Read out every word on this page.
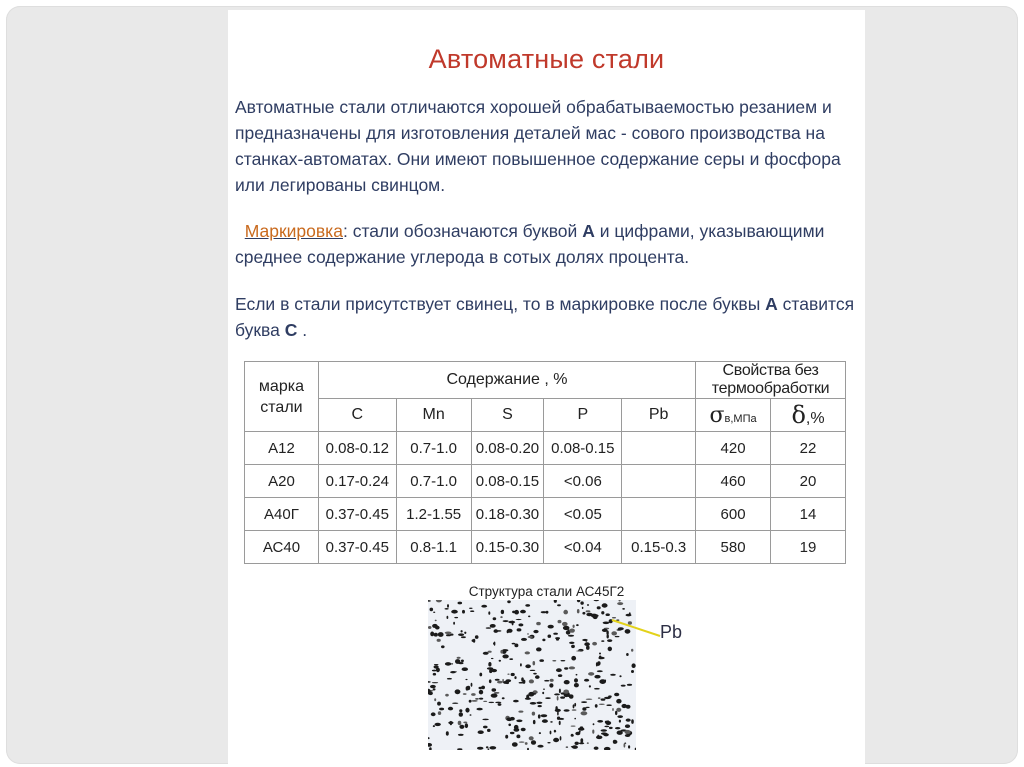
Автоматные стали

Автоматные стали отличаются хорошей обрабатываемостью резанием и предназначены для изготовления деталей мас - сового производства на станках-автоматах. Они имеют повышенное содержание серы и фосфора или легированы свинцом.

Маркировка: стали обозначаются буквой А и цифрами, указывающими среднее содержание углерода в сотых долях процента.

Если в стали присутствует свинец, то в маркировке после буквы А ставится буква С .

марка стали	Содержание , %					Свойства без термообработки	
	C	Mn	S	P	Pb	σв,МПа	δ,%
А12	0.08-0.12	0.7-1.0	0.08-0.20	0.08-0.15		420	22
А20	0.17-0.24	0.7-1.0	0.08-0.15	<0.06		460	20
А40Г	0.37-0.45	1.2-1.55	0.18-0.30	<0.05		600	14
АС40	0.37-0.45	0.8-1.1	0.15-0.30	<0.04	0.15-0.3	580	19
Структура стали АС45Г2
Pb
